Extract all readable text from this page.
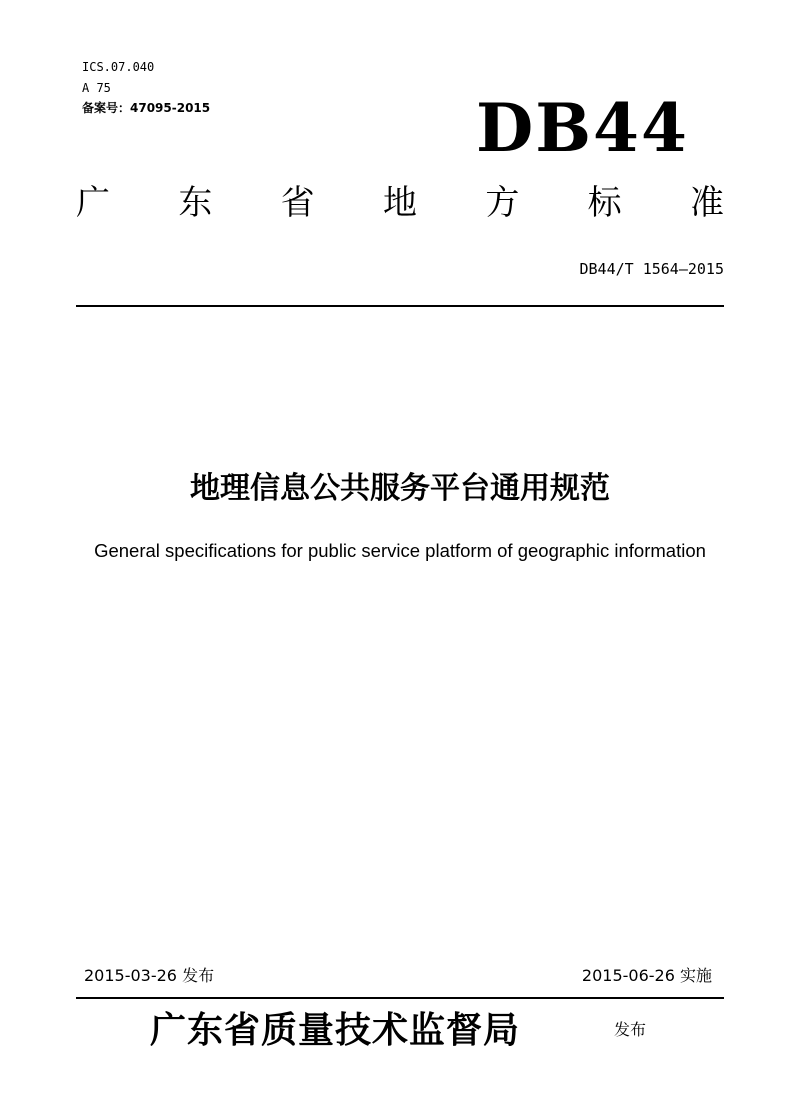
ICS.07.040
A 75
备案号：47095-2015	DB44
广 东 省 地 方 标 准
DB44/T 1564—2015
地理信息公共服务平台通用规范
General specifications for public service platform of geographic information
2015-03-26 发布	2015-06-26 实施
广东省质量技术监督局	发布
